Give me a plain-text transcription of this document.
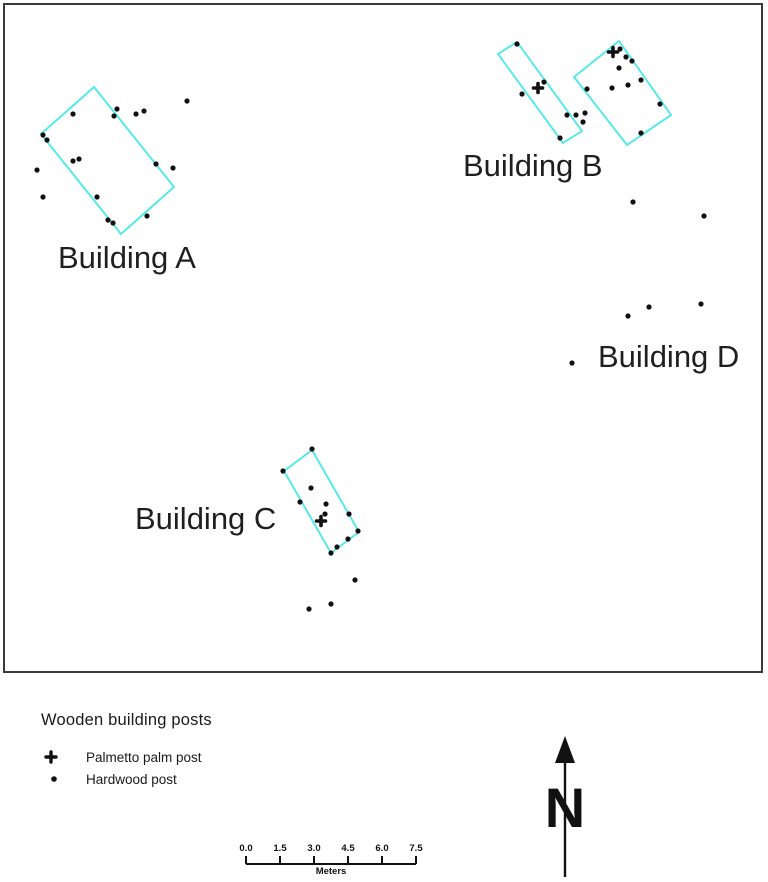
Building A
Building B
Building C
Building D
0.0 1.5 3.0 4.5 6.0 7.5
Meters
N
Wooden building posts
Palmetto palm post
Hardwood post
